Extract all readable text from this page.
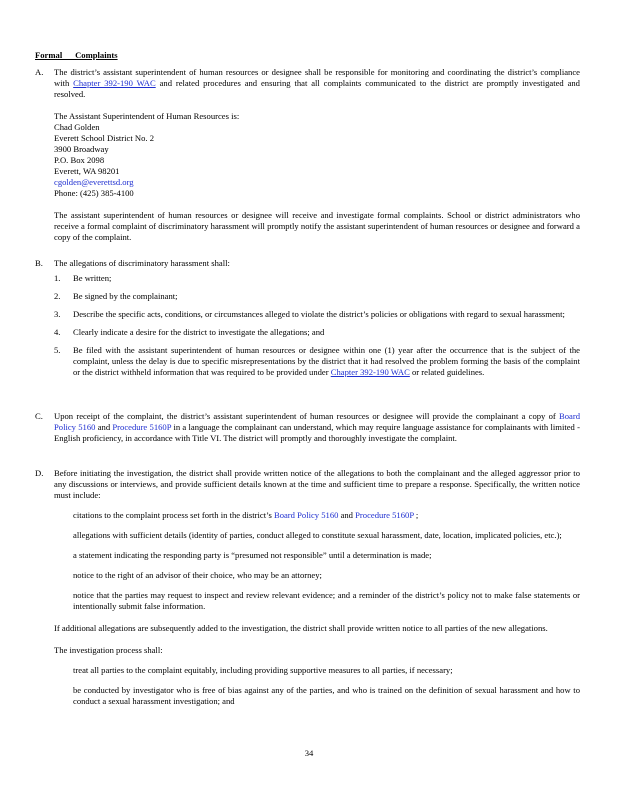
Formal      Complaints
A. The district’s assistant superintendent of human resources or designee shall be responsible for monitoring and coordinating the district’s compliance with Chapter 392-190 WAC and related procedures and ensuring that all complaints communicated to the district are promptly investigated and resolved.

The Assistant Superintendent of Human Resources is:
Chad Golden
Everett School District No. 2
3900 Broadway
P.O. Box 2098
Everett, WA 98201
cgolden@everettsd.org
Phone: (425) 385-4100

The assistant superintendent of human resources or designee will receive and investigate formal complaints. School or district administrators who receive a formal complaint of discriminatory harassment will promptly notify the assistant superintendent of human resources or designee and forward a copy of the complaint.

B. The allegations of discriminatory harassment shall:

1. Be written;
2. Be signed by the complainant;
3. Describe the specific acts, conditions, or circumstances alleged to violate the district’s policies or obligations with regard to sexual harassment;
4. Clearly indicate a desire for the district to investigate the allegations; and
5. Be filed with the assistant superintendent of human resources or designee within one (1) year after the occurrence that is the subject of the complaint, unless the delay is due to specific misrepresentations by the district that it had resolved the problem forming the basis of the complaint or the district withheld information that was required to be provided under Chapter 392-190 WAC or related guidelines.
C. Upon receipt of the complaint, the district’s assistant superintendent of human resources or designee will provide the complainant a copy of Board Policy 5160 and Procedure 5160P in a language the complainant can understand, which may require language assistance for complainants with limited - English proficiency, in accordance with Title VI. The district will promptly and thoroughly investigate the complaint.

D. Before initiating the investigation, the district shall provide written notice of the allegations to both the complainant and the alleged aggressor prior to any discussions or interviews, and provide sufficient details known at the time and sufficient time to prepare a response. Specifically, the written notice must include:

citations to the complaint process set forth in the district’s Board Policy 5160 and Procedure 5160P ;
allegations with sufficient details (identity of parties, conduct alleged to constitute sexual harassment, date, location, implicated policies, etc.);
a statement indicating the responding party is “presumed not responsible” until a determination is made;
notice to the right of an advisor of their choice, who may be an attorney;
notice that the parties may request to inspect and review relevant evidence; and a reminder of the district’s policy not to make false statements or intentionally submit false information.

If additional allegations are subsequently added to the investigation, the district shall provide written notice to all parties of the new allegations.

The investigation process shall:

treat all parties to the complaint equitably, including providing supportive measures to all parties, if necessary;
be conducted by investigator who is free of bias against any of the parties, and who is trained on the definition of sexual harassment and how to conduct a sexual harassment investigation; and
34
